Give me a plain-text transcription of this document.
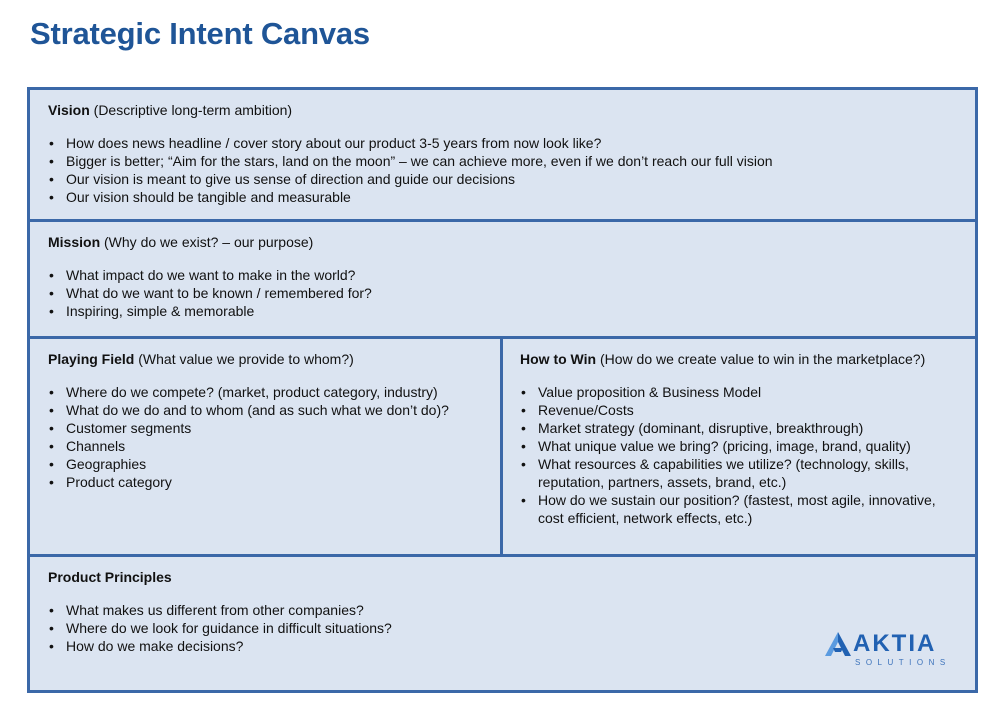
Strategic Intent Canvas
Vision (Descriptive long-term ambition)
• How does news headline / cover story about our product 3-5 years from now look like?
• Bigger is better; “Aim for the stars, land on the moon” – we can achieve more, even if we don’t reach our full vision
• Our vision is meant to give us sense of direction and guide our decisions
• Our vision should be tangible and measurable
Mission (Why do we exist? – our purpose)
• What impact do we want to make in the world?
• What do we want to be known / remembered for?
• Inspiring, simple & memorable
Playing Field (What value we provide to whom?)
• Where do we compete? (market, product category, industry)
• What do we do and to whom (and as such what we don’t do)?
• Customer segments
• Channels
• Geographies
• Product category
How to Win (How do we create value to win in the marketplace?)
• Value proposition & Business Model
• Revenue/Costs
• Market strategy (dominant, disruptive, breakthrough)
• What unique value we bring? (pricing, image, brand, quality)
• What resources & capabilities we utilize? (technology, skills, reputation, partners, assets, brand, etc.)
• How do we sustain our position? (fastest, most agile, innovative, cost efficient, network effects, etc.)
Product Principles
• What makes us different from other companies?
• Where do we look for guidance in difficult situations?
• How do we make decisions?	AKTIA
SOLUTIONS
